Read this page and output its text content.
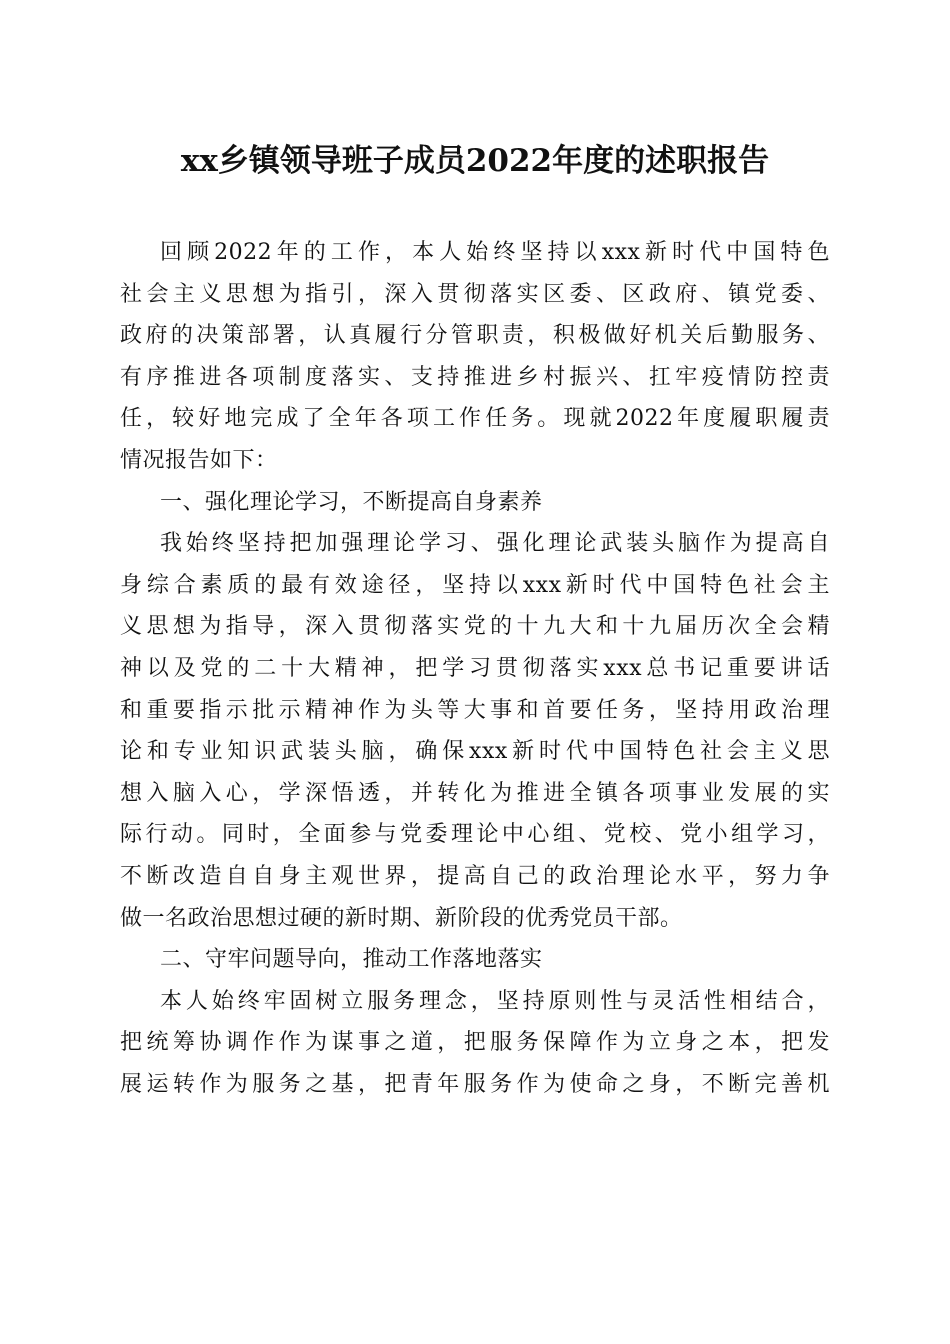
xx乡镇领导班子成员2022年度的述职报告
回顾2022年的工作，本人始终坚持以xxx新时代中国特色
社会主义思想为指引，深入贯彻落实区委、区政府、镇党委、
政府的决策部署，认真履行分管职责，积极做好机关后勤服务、
有序推进各项制度落实、支持推进乡村振兴、扛牢疫情防控责
任，较好地完成了全年各项工作任务。现就2022年度履职履责
情况报告如下：
一、强化理论学习，不断提高自身素养
我始终坚持把加强理论学习、强化理论武装头脑作为提高自
身综合素质的最有效途径，坚持以xxx新时代中国特色社会主
义思想为指导，深入贯彻落实党的十九大和十九届历次全会精
神以及党的二十大精神，把学习贯彻落实xxx总书记重要讲话
和重要指示批示精神作为头等大事和首要任务，坚持用政治理
论和专业知识武装头脑，确保xxx新时代中国特色社会主义思
想入脑入心，学深悟透，并转化为推进全镇各项事业发展的实
际行动。同时，全面参与党委理论中心组、党校、党小组学习，
不断改造自自身主观世界，提高自己的政治理论水平，努力争
做一名政治思想过硬的新时期、新阶段的优秀党员干部。
二、守牢问题导向，推动工作落地落实
本人始终牢固树立服务理念，坚持原则性与灵活性相结合，
把统筹协调作作为谋事之道，把服务保障作为立身之本，把发
展运转作为服务之基，把青年服务作为使命之身，不断完善机
